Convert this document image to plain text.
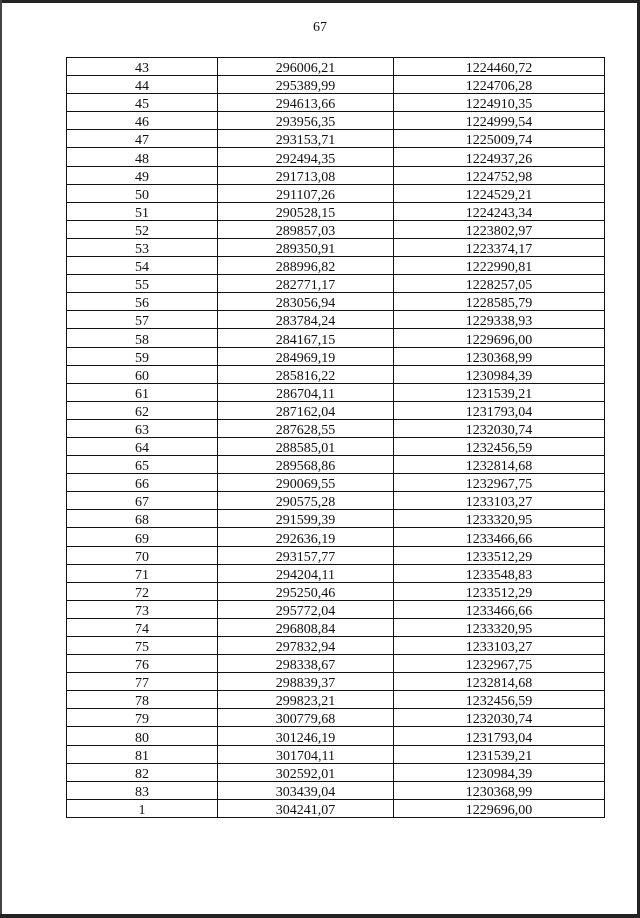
67
43	296006,21	1224460,72
44	295389,99	1224706,28
45	294613,66	1224910,35
46	293956,35	1224999,54
47	293153,71	1225009,74
48	292494,35	1224937,26
49	291713,08	1224752,98
50	291107,26	1224529,21
51	290528,15	1224243,34
52	289857,03	1223802,97
53	289350,91	1223374,17
54	288996,82	1222990,81
55	282771,17	1228257,05
56	283056,94	1228585,79
57	283784,24	1229338,93
58	284167,15	1229696,00
59	284969,19	1230368,99
60	285816,22	1230984,39
61	286704,11	1231539,21
62	287162,04	1231793,04
63	287628,55	1232030,74
64	288585,01	1232456,59
65	289568,86	1232814,68
66	290069,55	1232967,75
67	290575,28	1233103,27
68	291599,39	1233320,95
69	292636,19	1233466,66
70	293157,77	1233512,29
71	294204,11	1233548,83
72	295250,46	1233512,29
73	295772,04	1233466,66
74	296808,84	1233320,95
75	297832,94	1233103,27
76	298338,67	1232967,75
77	298839,37	1232814,68
78	299823,21	1232456,59
79	300779,68	1232030,74
80	301246,19	1231793,04
81	301704,11	1231539,21
82	302592,01	1230984,39
83	303439,04	1230368,99
1	304241,07	1229696,00
